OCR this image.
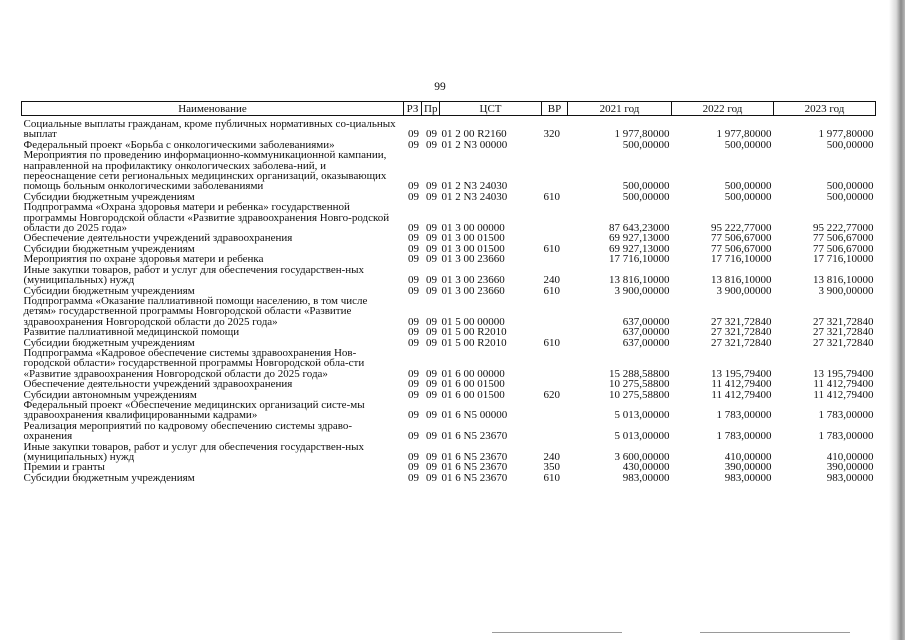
99
Наименование	РЗ	Пр	ЦСТ	ВР	2021 год	2022 год	2023 год
Социальные выплаты гражданам, кроме публичных нормативных со-циальных выплат	09	09	01 2 00 R2160	320	1 977,80000	1 977,80000	1 977,80000
Федеральный проект «Борьба с онкологическими заболеваниями»	09	09	01 2 N3 00000		500,00000	500,00000	500,00000
Мероприятия по проведению информационно-коммуникационной кампании, направленной на профилактику онкологических заболева-ний, и переоснащение сети региональных медицинских организаций, оказывающих помощь больным онкологическими заболеваниями	09	09	01 2 N3 24030		500,00000	500,00000	500,00000
Субсидии бюджетным учреждениям	09	09	01 2 N3 24030	610	500,00000	500,00000	500,00000
Подпрограмма «Охрана здоровья матери и ребенка» государственной программы Новгородской области «Развитие здравоохранения Новго-родской области до 2025 года»	09	09	01 3 00 00000		87 643,23000	95 222,77000	95 222,77000
Обеспечение деятельности учреждений здравоохранения	09	09	01 3 00 01500		69 927,13000	77 506,67000	77 506,67000
Субсидии бюджетным учреждениям	09	09	01 3 00 01500	610	69 927,13000	77 506,67000	77 506,67000
Мероприятия по охране здоровья матери и ребенка	09	09	01 3 00 23660		17 716,10000	17 716,10000	17 716,10000
Иные закупки товаров, работ и услуг для обеспечения государствен-ных (муниципальных) нужд	09	09	01 3 00 23660	240	13 816,10000	13 816,10000	13 816,10000
Субсидии бюджетным учреждениям	09	09	01 3 00 23660	610	3 900,00000	3 900,00000	3 900,00000
Подпрограмма «Оказание паллиативной помощи населению, в том числе детям» государственной программы Новгородской области «Развитие здравоохранения Новгородской области до 2025 года»	09	09	01 5 00 00000		637,00000	27 321,72840	27 321,72840
Развитие паллиативной медицинской помощи	09	09	01 5 00 R2010		637,00000	27 321,72840	27 321,72840
Субсидии бюджетным учреждениям	09	09	01 5 00 R2010	610	637,00000	27 321,72840	27 321,72840
Подпрограмма «Кадровое обеспечение системы здравоохранения Нов-городской области» государственной программы Новгородской обла-сти «Развитие здравоохранения Новгородской области до 2025 года»	09	09	01 6 00 00000		15 288,58800	13 195,79400	13 195,79400
Обеспечение деятельности учреждений здравоохранения	09	09	01 6 00 01500		10 275,58800	11 412,79400	11 412,79400
Субсидии автономным учреждениям	09	09	01 6 00 01500	620	10 275,58800	11 412,79400	11 412,79400
Федеральный проект «Обеспечение медицинских организаций систе-мы здравоохранения квалифицированными кадрами»	09	09	01 6 N5 00000		5 013,00000	1 783,00000	1 783,00000
Реализация мероприятий по кадровому обеспечению системы здраво-охранения	09	09	01 6 N5 23670		5 013,00000	1 783,00000	1 783,00000
Иные закупки товаров, работ и услуг для обеспечения государствен-ных (муниципальных) нужд	09	09	01 6 N5 23670	240	3 600,00000	410,00000	410,00000
Премии и гранты	09	09	01 6 N5 23670	350	430,00000	390,00000	390,00000
Субсидии бюджетным учреждениям	09	09	01 6 N5 23670	610	983,00000	983,00000	983,00000
